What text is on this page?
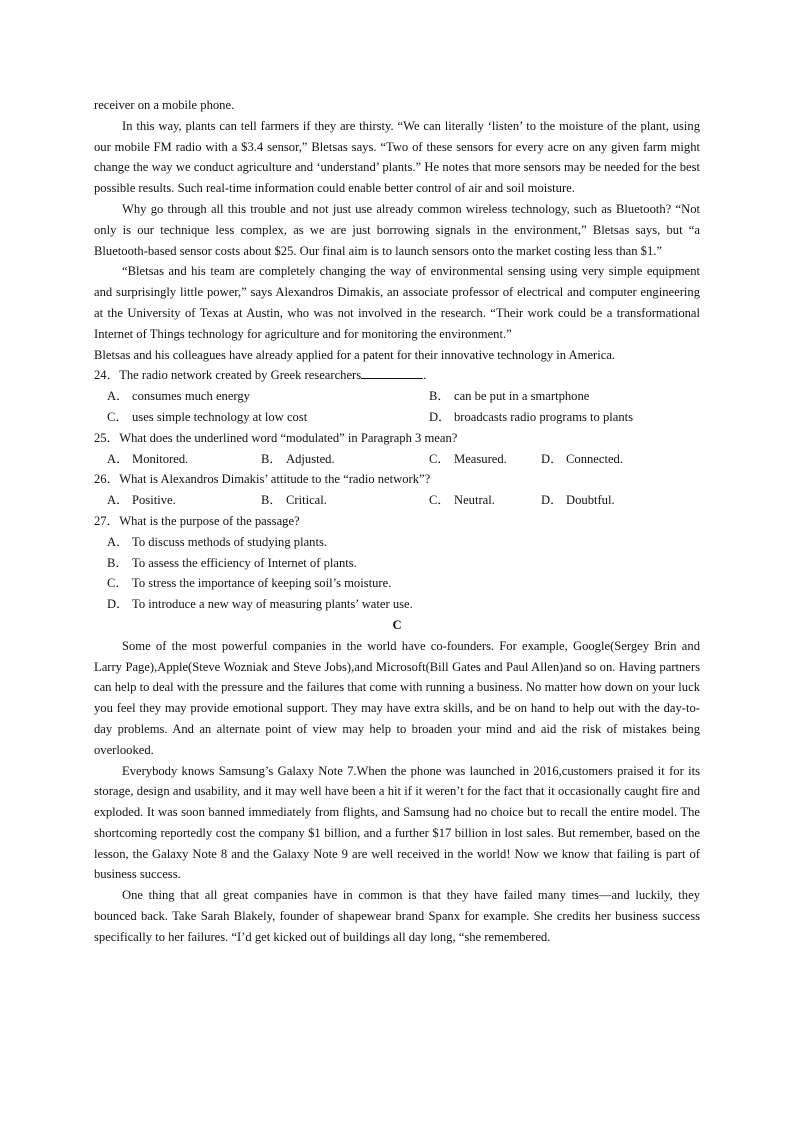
receiver on a mobile phone.

In this way, plants can tell farmers if they are thirsty. “We can literally ‘listen’ to the moisture of the plant, using our mobile FM radio with a $3.4 sensor,” Bletsas says. “Two of these sensors for every acre on any given farm might change the way we conduct agriculture and ‘understand’ plants.” He notes that more sensors may be needed for the best possible results. Such real-time information could enable better control of air and soil moisture.

Why go through all this trouble and not just use already common wireless technology, such as Bluetooth? “Not only is our technique less complex, as we are just borrowing signals in the environment,” Bletsas says, but “a Bluetooth-based sensor costs about $25. Our final aim is to launch sensors onto the market costing less than $1.”

“Bletsas and his team are completely changing the way of environmental sensing using very simple equipment and surprisingly little power,” says Alexandros Dimakis, an associate professor of electrical and computer engineering at the University of Texas at Austin, who was not involved in the research. “Their work could be a transformational Internet of Things technology for agriculture and for monitoring the environment.”

Bletsas and his colleagues have already applied for a patent for their innovative technology in America.

24．The radio network created by Greek researchers	.
A． consumes much energy	B． can be put in a smartphone
C． uses simple technology at low cost	D． broadcasts radio programs to plants
25．What does the underlined word “modulated” in Paragraph 3 mean?
A． Monitored.	B． Adjusted.	C． Measured.	D． Connected.
26．What is Alexandros Dimakis’ attitude to the “radio network”?
A． Positive.	B． Critical.	C． Neutral.	D． Doubtful.
27．What is the purpose of the passage?
A． To discuss methods of studying plants.
B． To assess the efficiency of Internet of plants.
C． To stress the importance of keeping soil’s moisture.
D． To introduce a new way of measuring plants’ water use.

C

Some of the most powerful companies in the world have co-founders. For example, Google(Sergey Brin and Larry Page),Apple(Steve Wozniak and Steve Jobs),and Microsoft(Bill Gates and Paul Allen)and so on. Having partners can help to deal with the pressure and the failures that come with running a business. No matter how down on your luck you feel they may provide emotional support. They may have extra skills, and be on hand to help out with the day-to-day problems. And an alternate point of view may help to broaden your mind and aid the risk of mistakes being overlooked.

Everybody knows Samsung’s Galaxy Note 7.When the phone was launched in 2016,customers praised it for its storage, design and usability, and it may well have been a hit if it weren’t for the fact that it occasionally caught fire and exploded. It was soon banned immediately from flights, and Samsung had no choice but to recall the entire model. The shortcoming reportedly cost the company $1 billion, and a further $17 billion in lost sales. But remember, based on the lesson, the Galaxy Note 8 and the Galaxy Note 9 are well received in the world! Now we know that failing is part of business success.

One thing that all great companies have in common is that they have failed many times—and luckily, they bounced back. Take Sarah Blakely, founder of shapewear brand Spanx for example. She credits her business success specifically to her failures. “I’d get kicked out of buildings all day long, “she remembered.
